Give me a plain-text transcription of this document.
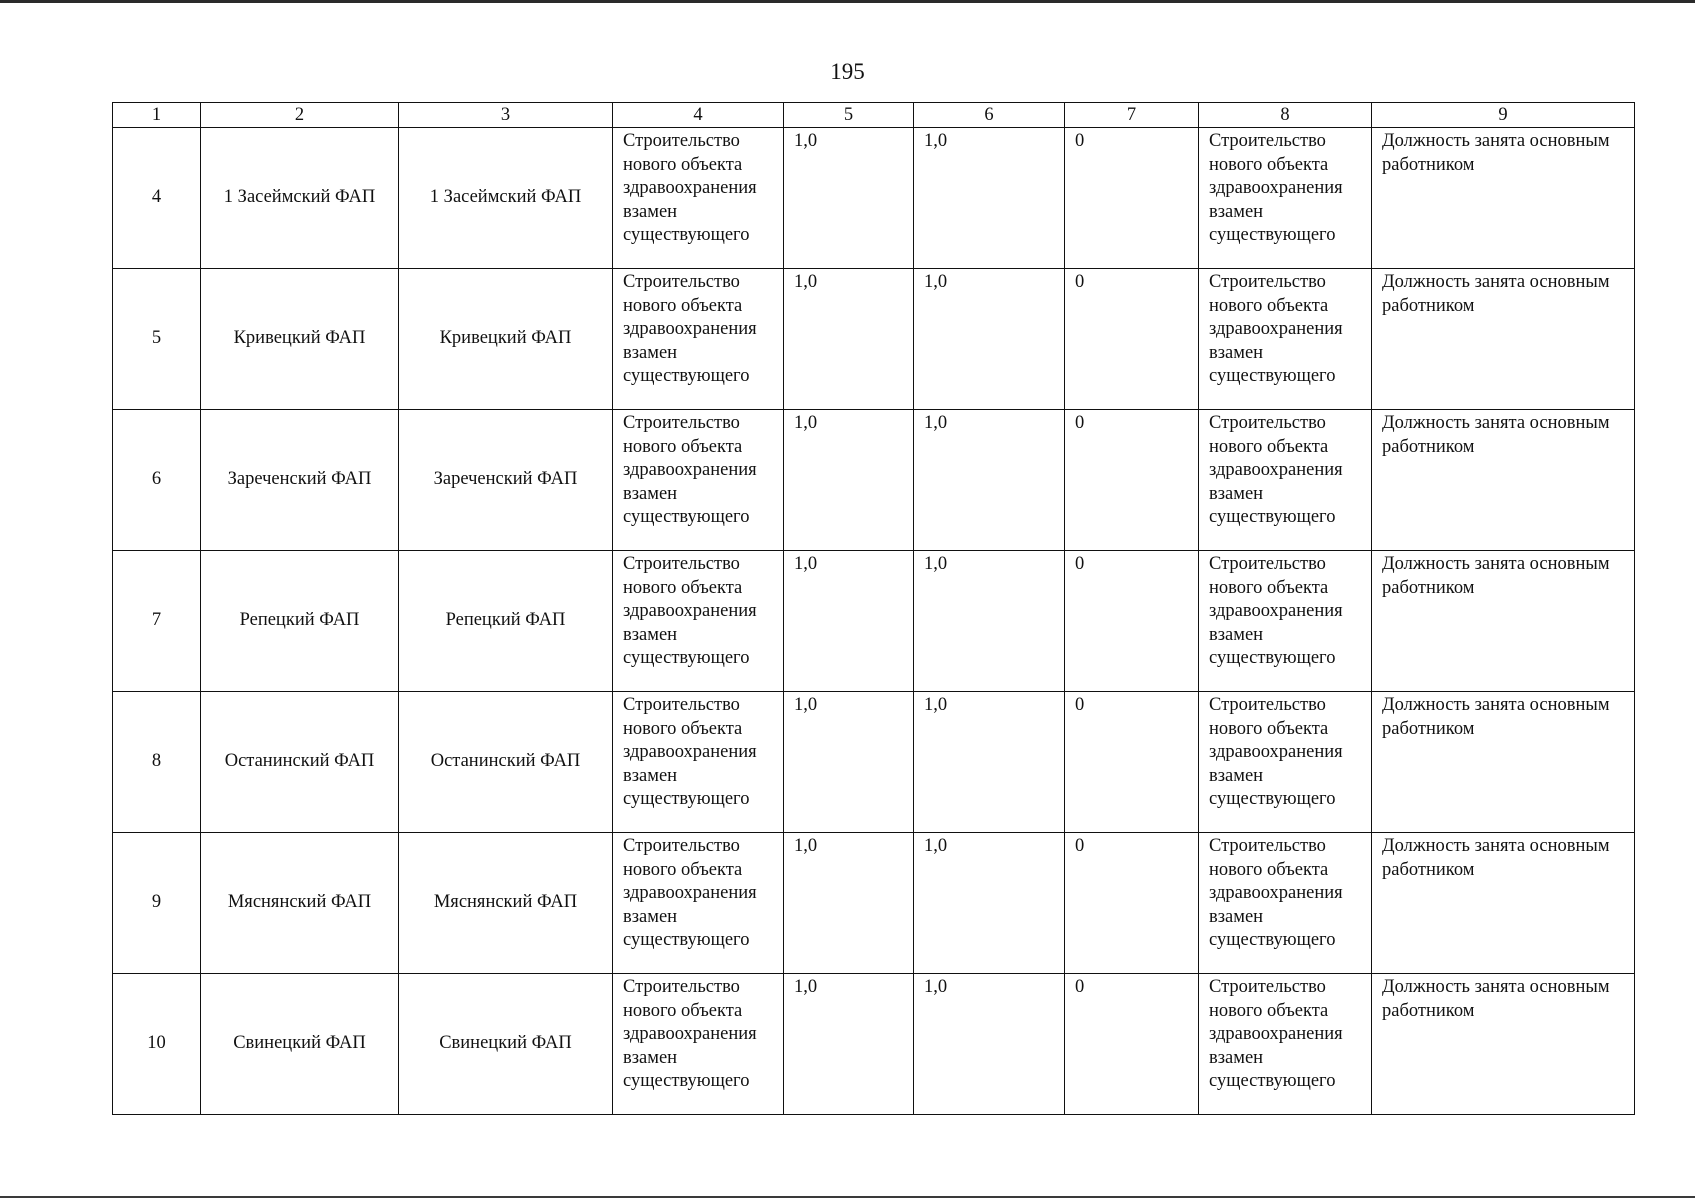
195
1	2	3	4	5	6	7	8	9
4	1 Засеймский ФАП	1 Засеймский ФАП	Строительство нового объекта здравоохранения взамен существующего	1,0	1,0	0	Строительство нового объекта здравоохранения взамен существующего	Должность занята основным работником
5	Кривецкий ФАП	Кривецкий ФАП	Строительство нового объекта здравоохранения взамен существующего	1,0	1,0	0	Строительство нового объекта здравоохранения взамен существующего	Должность занята основным работником
6	Зареченский ФАП	Зареченский ФАП	Строительство нового объекта здравоохранения взамен существующего	1,0	1,0	0	Строительство нового объекта здравоохранения взамен существующего	Должность занята основным работником
7	Репецкий ФАП	Репецкий ФАП	Строительство нового объекта здравоохранения взамен существующего	1,0	1,0	0	Строительство нового объекта здравоохранения взамен существующего	Должность занята основным работником
8	Останинский ФАП	Останинский ФАП	Строительство нового объекта здравоохранения взамен существующего	1,0	1,0	0	Строительство нового объекта здравоохранения взамен существующего	Должность занята основным работником
9	Мяснянский ФАП	Мяснянский ФАП	Строительство нового объекта здравоохранения взамен существующего	1,0	1,0	0	Строительство нового объекта здравоохранения взамен существующего	Должность занята основным работником
10	Свинецкий ФАП	Свинецкий ФАП	Строительство нового объекта здравоохранения взамен существующего	1,0	1,0	0	Строительство нового объекта здравоохранения взамен существующего	Должность занята основным работником
